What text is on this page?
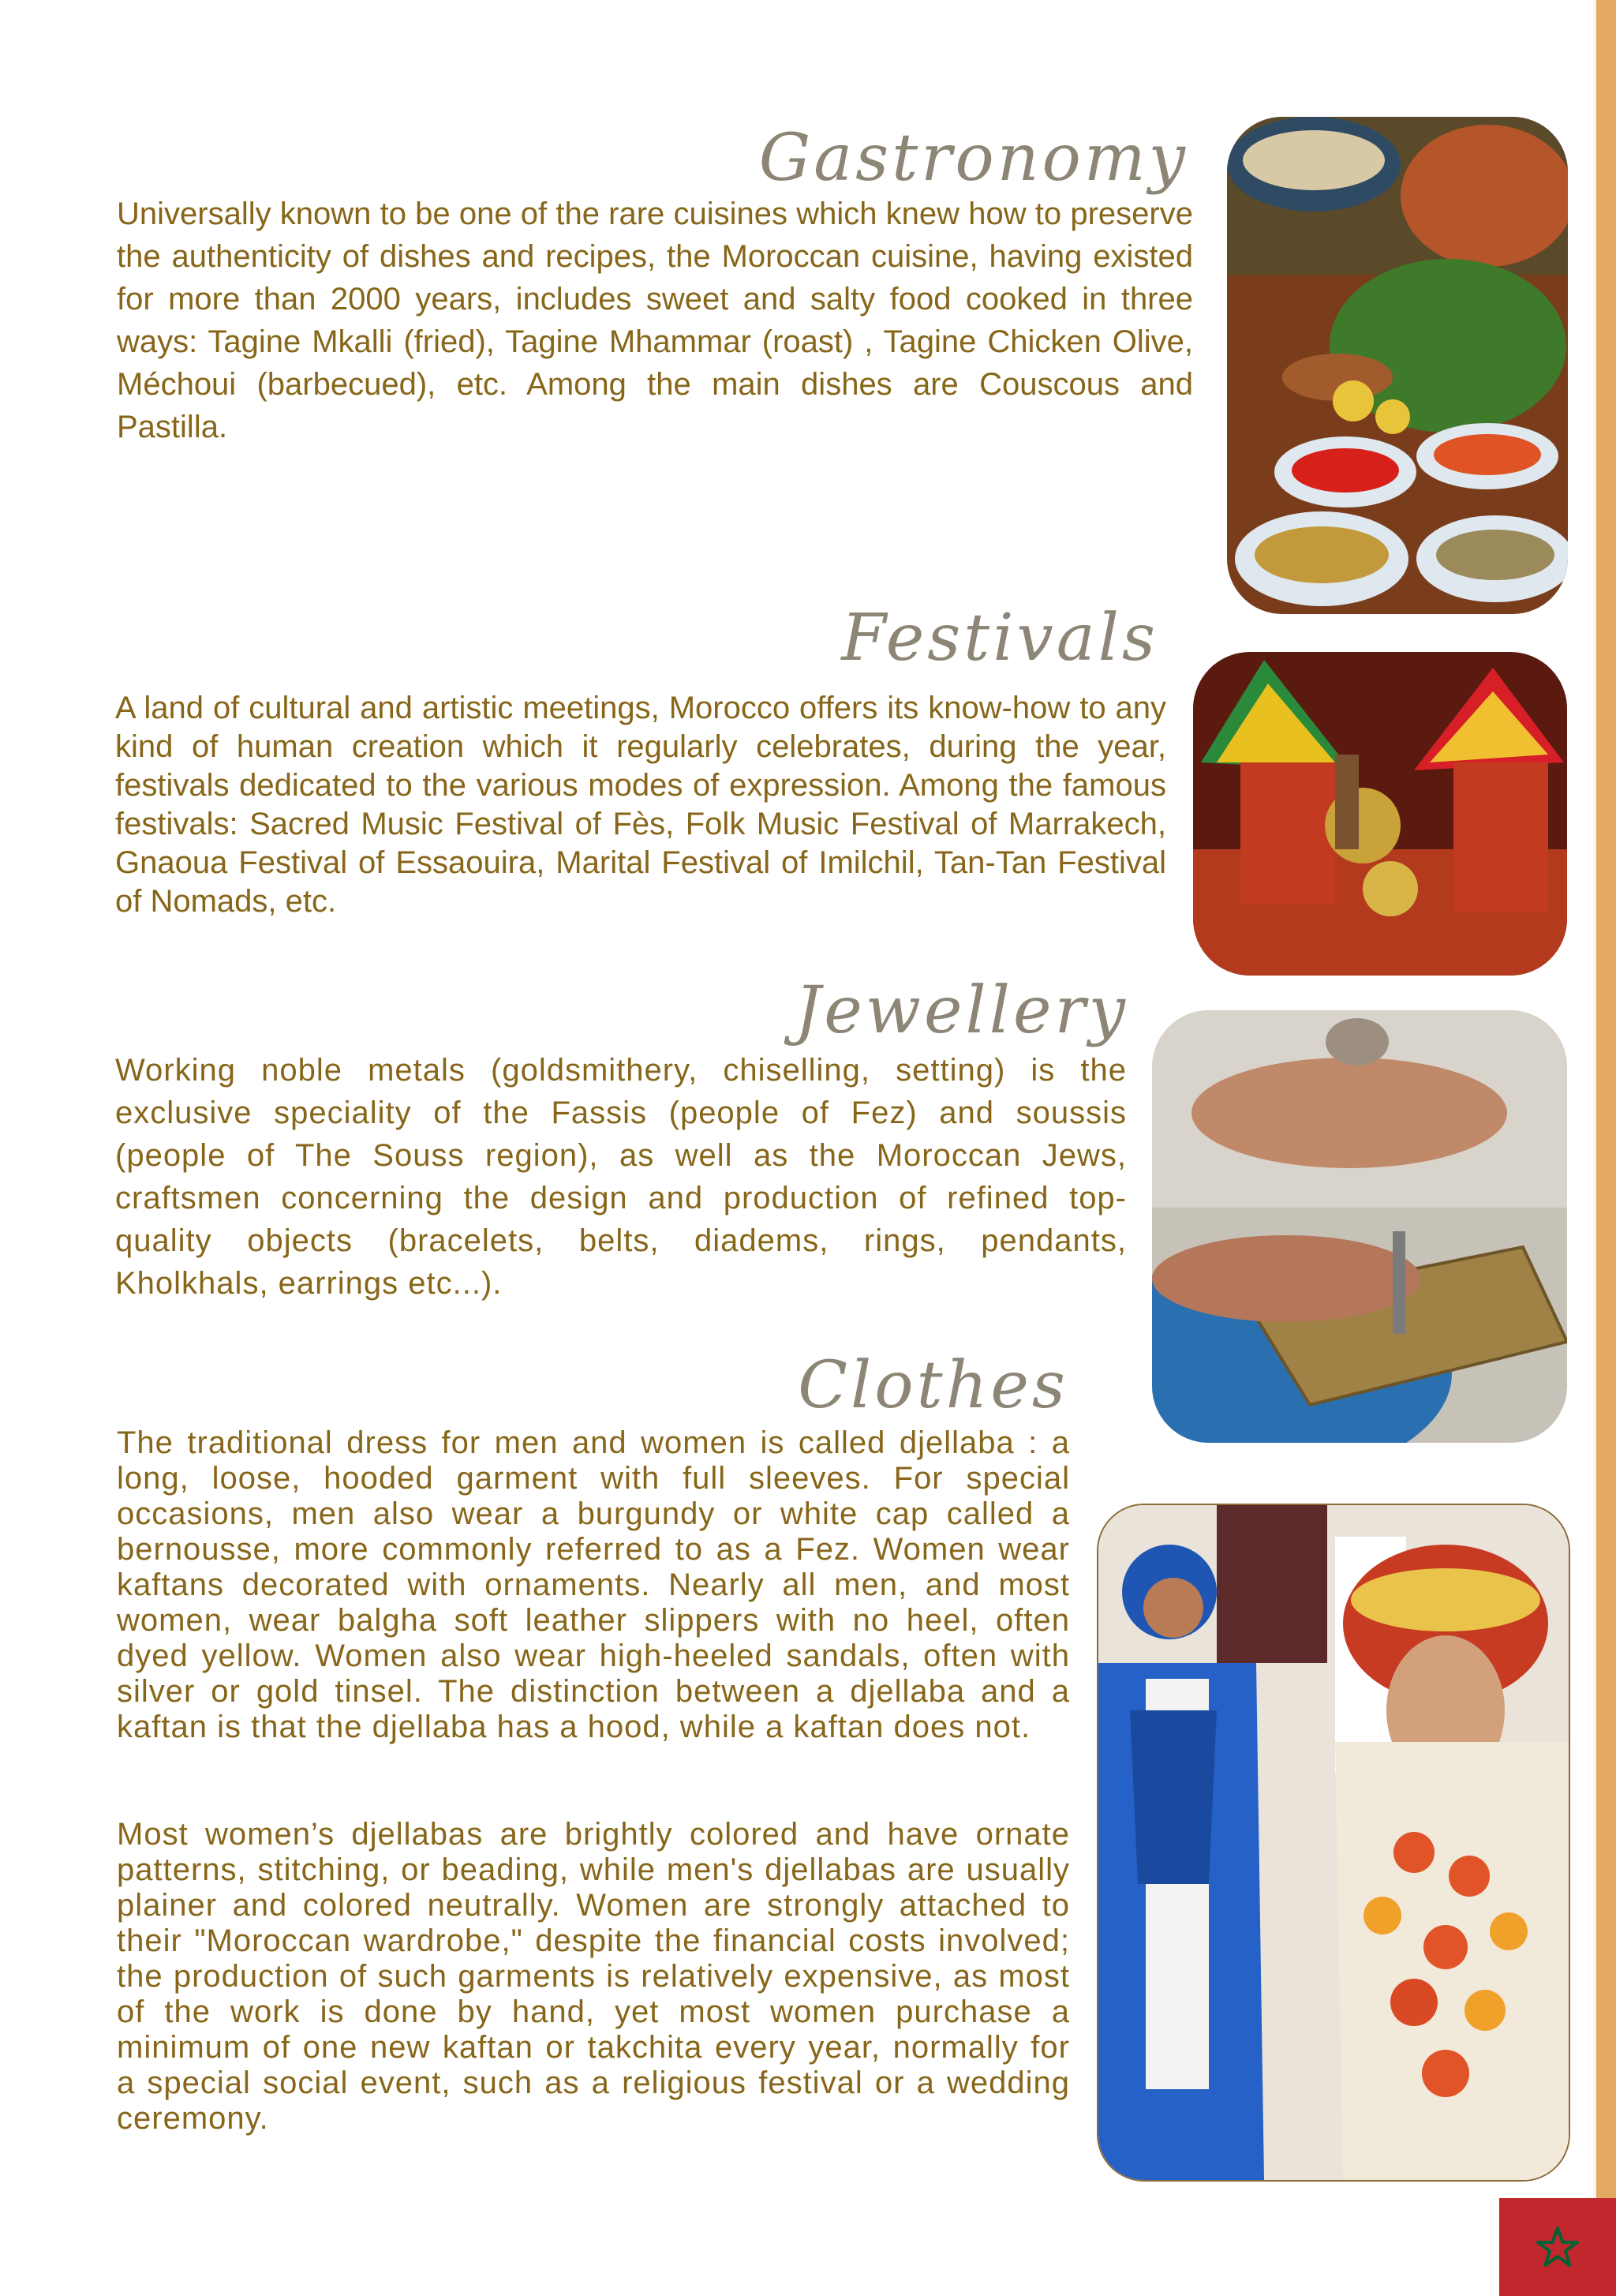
Gastronomy

Universally known to be one of the rare cuisines which knew how to preserve the authenticity of dishes and recipes, the Moroccan cuisine, having existed for more than 2000 years, includes sweet and salty food cooked in three ways: Tagine Mkalli (fried), Tagine Mhammar (roast) , Tagine Chicken Olive, Méchoui (barbecued), etc. Among the main dishes are Couscous and Pastilla.

Festivals

A land of cultural and artistic meetings, Morocco offers its know-how to any kind of human creation which it regularly celebrates, during the year, festivals dedicated to the various modes of expression. Among the famous festivals: Sacred Music Festival of Fès, Folk Music Festival of Marrakech, Gnaoua Festival of Essaouira, Marital Festival of Imilchil, Tan-Tan Festival of Nomads, etc.

Jewellery

Working noble metals (goldsmithery, chiselling, setting) is the exclusive speciality of the Fassis (people of Fez) and soussis (people of The Souss region), as well as the Moroccan Jews, craftsmen concerning the design and production of refined top-quality objects (bracelets, belts, diadems, rings, pendants, Kholkhals, earrings etc...).

Clothes

The traditional dress for men and women is called djellaba : a long, loose, hooded garment with full sleeves. For special occasions, men also wear a burgundy or white cap called a bernousse, more commonly referred to as a Fez. Women wear kaftans decorated with ornaments. Nearly all men, and most women, wear balgha soft leather slippers with no heel, often dyed yellow. Women also wear high-heeled sandals, often with silver or gold tinsel. The distinction between a djellaba and a kaftan is that the djellaba has a hood, while a kaftan does not.

Most women’s djellabas are brightly colored and have ornate patterns, stitching, or beading, while men's djellabas are usually plainer and colored neutrally. Women are strongly attached to their "Moroccan wardrobe," despite the financial costs involved; the production of such garments is relatively expensive, as most of the work is done by hand, yet most women purchase a minimum of one new kaftan or takchita every year, normally for a special social event, such as a religious festival or a wedding ceremony.
